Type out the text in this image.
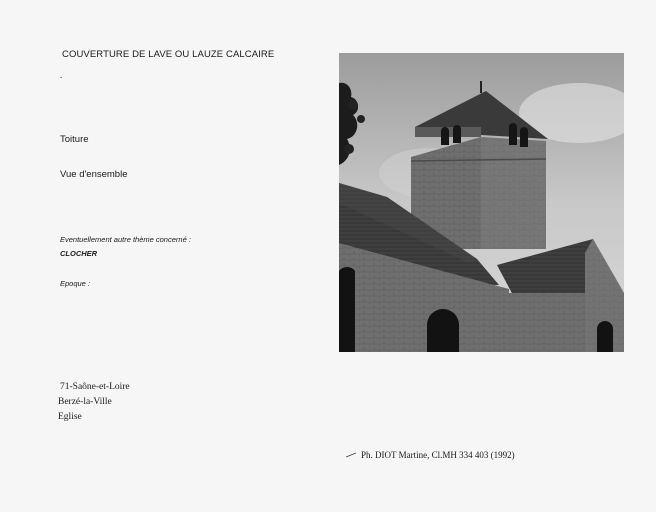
COUVERTURE DE LAVE OU LAUZE CALCAIRE
.
Toiture
Vue d'ensemble
Eventuellement autre thème concerné :
CLOCHER
Epoque :
71-Saône-et-Loire
Berzé-la-Ville
Eglise
Ph. DIOT Martine, Cl.MH 334 403 (1992)
